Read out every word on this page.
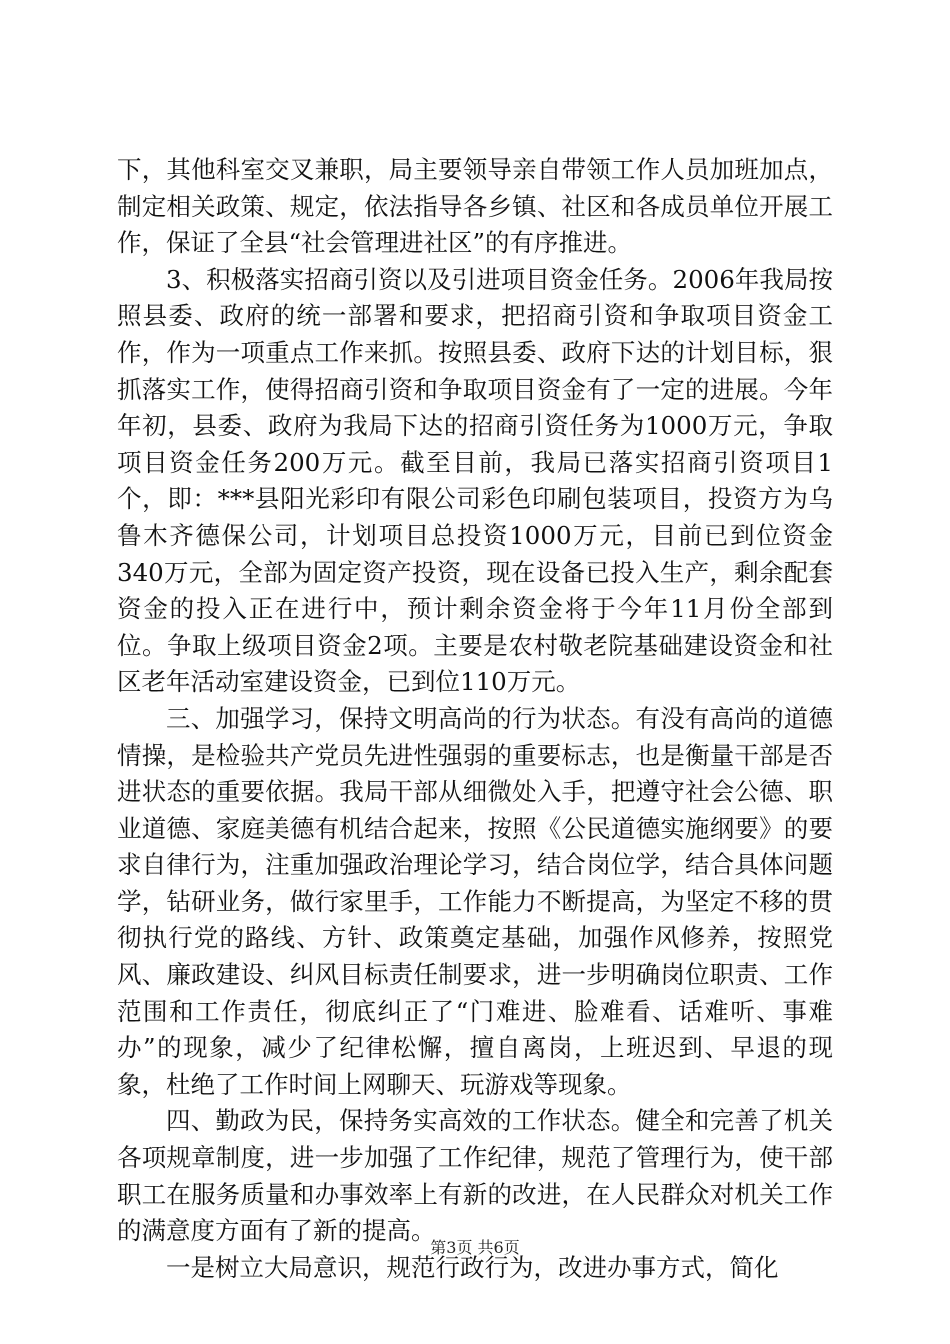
下，其他科室交叉兼职，局主要领导亲自带领工作人员加班加点，制定相关政策、规定，依法指导各乡镇、社区和各成员单位开展工作，保证了全县“社会管理进社区”的有序推进。

3、积极落实招商引资以及引进项目资金任务。2006年我局按照县委、政府的统一部署和要求，把招商引资和争取项目资金工作，作为一项重点工作来抓。按照县委、政府下达的计划目标，狠抓落实工作，使得招商引资和争取项目资金有了一定的进展。今年年初，县委、政府为我局下达的招商引资任务为1000万元，争取项目资金任务200万元。截至目前，我局已落实招商引资项目1个，即：***县阳光彩印有限公司彩色印刷包装项目，投资方为乌鲁木齐德保公司，计划项目总投资1000万元，目前已到位资金340万元，全部为固定资产投资，现在设备已投入生产，剩余配套资金的投入正在进行中，预计剩余资金将于今年11月份全部到位。争取上级项目资金2项。主要是农村敬老院基础建设资金和社区老年活动室建设资金，已到位110万元。

三、加强学习，保持文明高尚的行为状态。有没有高尚的道德情操，是检验共产党员先进性强弱的重要标志，也是衡量干部是否进状态的重要依据。我局干部从细微处入手，把遵守社会公德、职业道德、家庭美德有机结合起来，按照《公民道德实施纲要》的要求自律行为，注重加强政治理论学习，结合岗位学，结合具体问题学，钻研业务，做行家里手，工作能力不断提高，为坚定不移的贯彻执行党的路线、方针、政策奠定基础，加强作风修养，按照党风、廉政建设、纠风目标责任制要求，进一步明确岗位职责、工作范围和工作责任，彻底纠正了“门难进、脸难看、话难听、事难办”的现象，减少了纪律松懈，擅自离岗，上班迟到、早退的现象，杜绝了工作时间上网聊天、玩游戏等现象。

四、勤政为民，保持务实高效的工作状态。健全和完善了机关各项规章制度，进一步加强了工作纪律，规范了管理行为，使干部职工在服务质量和办事效率上有新的改进，在人民群众对机关工作的满意度方面有了新的提高。

一是树立大局意识，规范行政行为，改进办事方式，简化

第3页 共6页
